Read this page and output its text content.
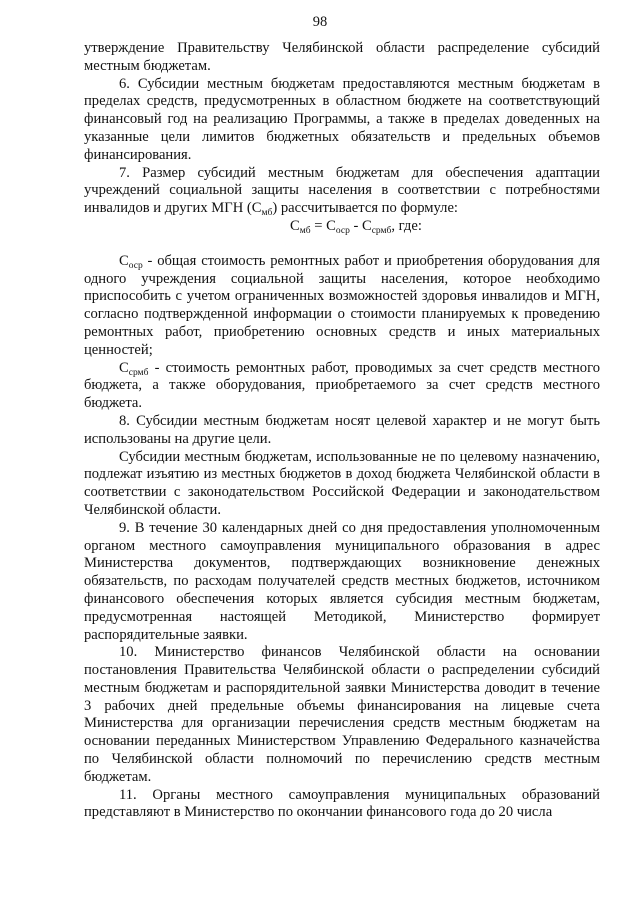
98

утверждение Правительству Челябинской области распределение субсидий местным бюджетам.

6. Субсидии местным бюджетам предоставляются местным бюджетам в пределах средств, предусмотренных в областном бюджете на соответствующий финансовый год на реализацию Программы, а также в пределах доведенных на указанные цели лимитов бюджетных обязательств и предельных объемов финансирования.

7. Размер субсидий местным бюджетам для обеспечения адаптации учреждений социальной защиты населения в соответствии с потребностями инвалидов и других МГН $(С_{мб})$ рассчитывается по формуле:

$С_{мб} = С_{оср} - С_{срмб}$, где:

$С_{оср}$ - общая стоимость ремонтных работ и приобретения оборудования для одного учреждения социальной защиты населения, которое необходимо приспособить с учетом ограниченных возможностей здоровья инвалидов и МГН, согласно подтвержденной информации о стоимости планируемых к проведению ремонтных работ, приобретению основных средств и иных материальных ценностей;

$С_{срмб}$ - стоимость ремонтных работ, проводимых за счет средств местного бюджета, а также оборудования, приобретаемого за счет средств местного бюджета.

8. Субсидии местным бюджетам носят целевой характер и не могут быть использованы на другие цели.

Субсидии местным бюджетам, использованные не по целевому назначению, подлежат изъятию из местных бюджетов в доход бюджета Челябинской области в соответствии с законодательством Российской Федерации и законодательством Челябинской области.

9. В течение 30 календарных дней со дня предоставления уполномоченным органом местного самоуправления муниципального образования в адрес Министерства документов, подтверждающих возникновение денежных обязательств, по расходам получателей средств местных бюджетов, источником финансового обеспечения которых является субсидия местным бюджетам, предусмотренная настоящей Методикой, Министерство формирует распорядительные заявки.

10. Министерство финансов Челябинской области на основании постановления Правительства Челябинской области о распределении субсидий местным бюджетам и распорядительной заявки Министерства доводит в течение 3 рабочих дней предельные объемы финансирования на лицевые счета Министерства для организации перечисления средств местным бюджетам на основании переданных Министерством Управлению Федерального казначейства по Челябинской области полномочий по перечислению средств местным бюджетам.

11. Органы местного самоуправления муниципальных образований представляют в Министерство по окончании финансового года до 20 числа
